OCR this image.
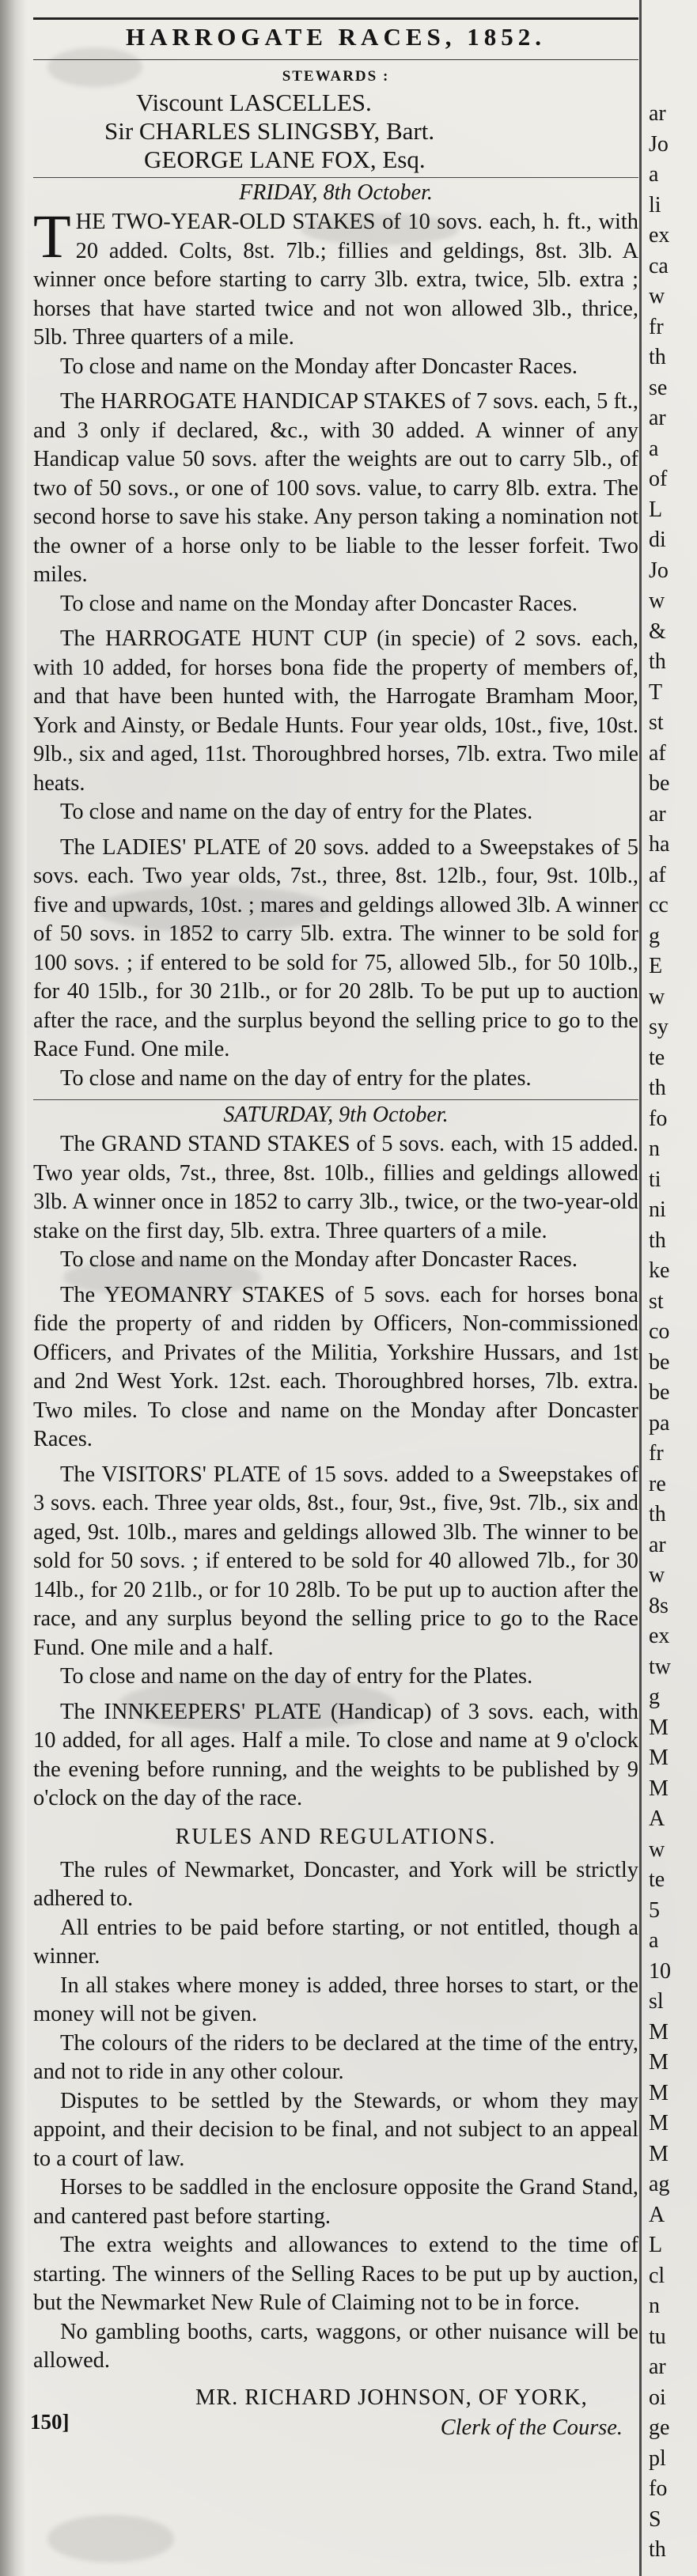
HARROGATE RACES, 1852.
STEWARDS :

Viscount LASCELLES.

Sir CHARLES SLINGSBY, Bart.

GEORGE LANE FOX, Esq.

FRIDAY, 8th October.

THE TWO-YEAR-OLD STAKES of 10 sovs. each, h. ft., with 20 added. Colts, 8st. 7lb.; fillies and geldings, 8st. 3lb. A winner once before starting to carry 3lb. extra, twice, 5lb. extra ; horses that have started twice and not won allowed 3lb., thrice, 5lb. Three quarters of a mile.

To close and name on the Monday after Doncaster Races.

The HARROGATE HANDICAP STAKES of 7 sovs. each, 5 ft., and 3 only if declared, &c., with 30 added. A winner of any Handicap value 50 sovs. after the weights are out to carry 5lb., of two of 50 sovs., or one of 100 sovs. value, to carry 8lb. extra. The second horse to save his stake. Any person taking a nomination not the owner of a horse only to be liable to the lesser forfeit. Two miles.

To close and name on the Monday after Doncaster Races.

The HARROGATE HUNT CUP (in specie) of 2 sovs. each, with 10 added, for horses bona fide the property of members of, and that have been hunted with, the Harrogate Bramham Moor, York and Ainsty, or Bedale Hunts. Four year olds, 10st., five, 10st. 9lb., six and aged, 11st. Thoroughbred horses, 7lb. extra. Two mile heats.

To close and name on the day of entry for the Plates.

The LADIES' PLATE of 20 sovs. added to a Sweepstakes of 5 sovs. each. Two year olds, 7st., three, 8st. 12lb., four, 9st. 10lb., five and upwards, 10st. ; mares and geldings allowed 3lb. A winner of 50 sovs. in 1852 to carry 5lb. extra. The winner to be sold for 100 sovs. ; if entered to be sold for 75, allowed 5lb., for 50 10lb., for 40 15lb., for 30 21lb., or for 20 28lb. To be put up to auction after the race, and the surplus beyond the selling price to go to the Race Fund. One mile.

To close and name on the day of entry for the plates.

SATURDAY, 9th October.

The GRAND STAND STAKES of 5 sovs. each, with 15 added. Two year olds, 7st., three, 8st. 10lb., fillies and geldings allowed 3lb. A winner once in 1852 to carry 3lb., twice, or the two-year-old stake on the first day, 5lb. extra. Three quarters of a mile.

To close and name on the Monday after Doncaster Races.

The YEOMANRY STAKES of 5 sovs. each for horses bona fide the property of and ridden by Officers, Non-commissioned Officers, and Privates of the Militia, Yorkshire Hussars, and 1st and 2nd West York. 12st. each. Thoroughbred horses, 7lb. extra. Two miles. To close and name on the Monday after Doncaster Races.

The VISITORS' PLATE of 15 sovs. added to a Sweepstakes of 3 sovs. each. Three year olds, 8st., four, 9st., five, 9st. 7lb., six and aged, 9st. 10lb., mares and geldings allowed 3lb. The winner to be sold for 50 sovs. ; if entered to be sold for 40 allowed 7lb., for 30 14lb., for 20 21lb., or for 10 28lb. To be put up to auction after the race, and any surplus beyond the selling price to go to the Race Fund. One mile and a half.

To close and name on the day of entry for the Plates.

The INNKEEPERS' PLATE (Handicap) of 3 sovs. each, with 10 added, for all ages. Half a mile. To close and name at 9 o'clock the evening before running, and the weights to be published by 9 o'clock on the day of the race.

RULES AND REGULATIONS.

The rules of Newmarket, Doncaster, and York will be strictly adhered to.

All entries to be paid before starting, or not entitled, though a winner.

In all stakes where money is added, three horses to start, or the money will not be given.

The colours of the riders to be declared at the time of the entry, and not to ride in any other colour.

Disputes to be settled by the Stewards, or whom they may appoint, and their decision to be final, and not subject to an appeal to a court of law.

Horses to be saddled in the enclosure opposite the Grand Stand, and cantered past before starting.

The extra weights and allowances to extend to the time of starting. The winners of the Selling Races to be put up by auction, but the Newmarket New Rule of Claiming not to be in force.

No gambling booths, carts, waggons, or other nuisance will be allowed.

150]
MR. RICHARD JOHNSON, OF YORK,
Clerk of the Course.
ar
Jo
a
li
ex
ca
w
fr
th
se
ar
a
of
L
di
Jo
w
&
th
T
st
af
be
ar
ha
af
cc
g
E
w
sy
te
th
fo
n
ti
ni
th
ke
st
co
be
be
pa
fr
re
th
ar
w
8s
ex
tw
g
M
M
M
A
w
te
5
a
10
sl
M
M
M
M
M
ag
A
L
cl
n
tu
ar
oi
ge
pl
fo
S
th
